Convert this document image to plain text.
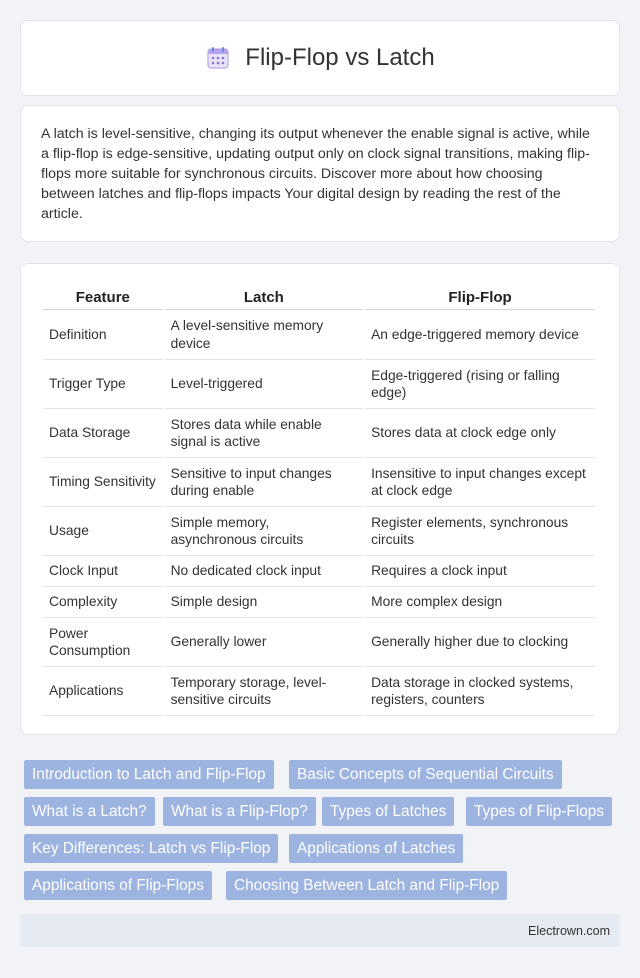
Flip-Flop vs Latch

A latch is level-sensitive, changing its output whenever the enable signal is active, while a flip-flop is edge-sensitive, updating output only on clock signal transitions, making flip-flops more suitable for synchronous circuits. Discover more about how choosing between latches and flip-flops impacts Your digital design by reading the rest of the article.

Feature	Latch	Flip-Flop
Definition	A level-sensitive memory device	An edge-triggered memory device
Trigger Type	Level-triggered	Edge-triggered (rising or falling edge)
Data Storage	Stores data while enable signal is active	Stores data at clock edge only
Timing Sensitivity	Sensitive to input changes during enable	Insensitive to input changes except at clock edge
Usage	Simple memory, asynchronous circuits	Register elements, synchronous circuits
Clock Input	No dedicated clock input	Requires a clock input
Complexity	Simple design	More complex design
Power Consumption	Generally lower	Generally higher due to clocking
Applications	Temporary storage, level-sensitive circuits	Data storage in clocked systems, registers, counters
Introduction to Latch and Flip-Flop	Basic Concepts of Sequential Circuits
What is a Latch?	What is a Flip-Flop?	Types of Latches	Types of Flip-Flops
Key Differences: Latch vs Flip-Flop	Applications of Latches
Applications of Flip-Flops	Choosing Between Latch and Flip-Flop
Electrown.com
